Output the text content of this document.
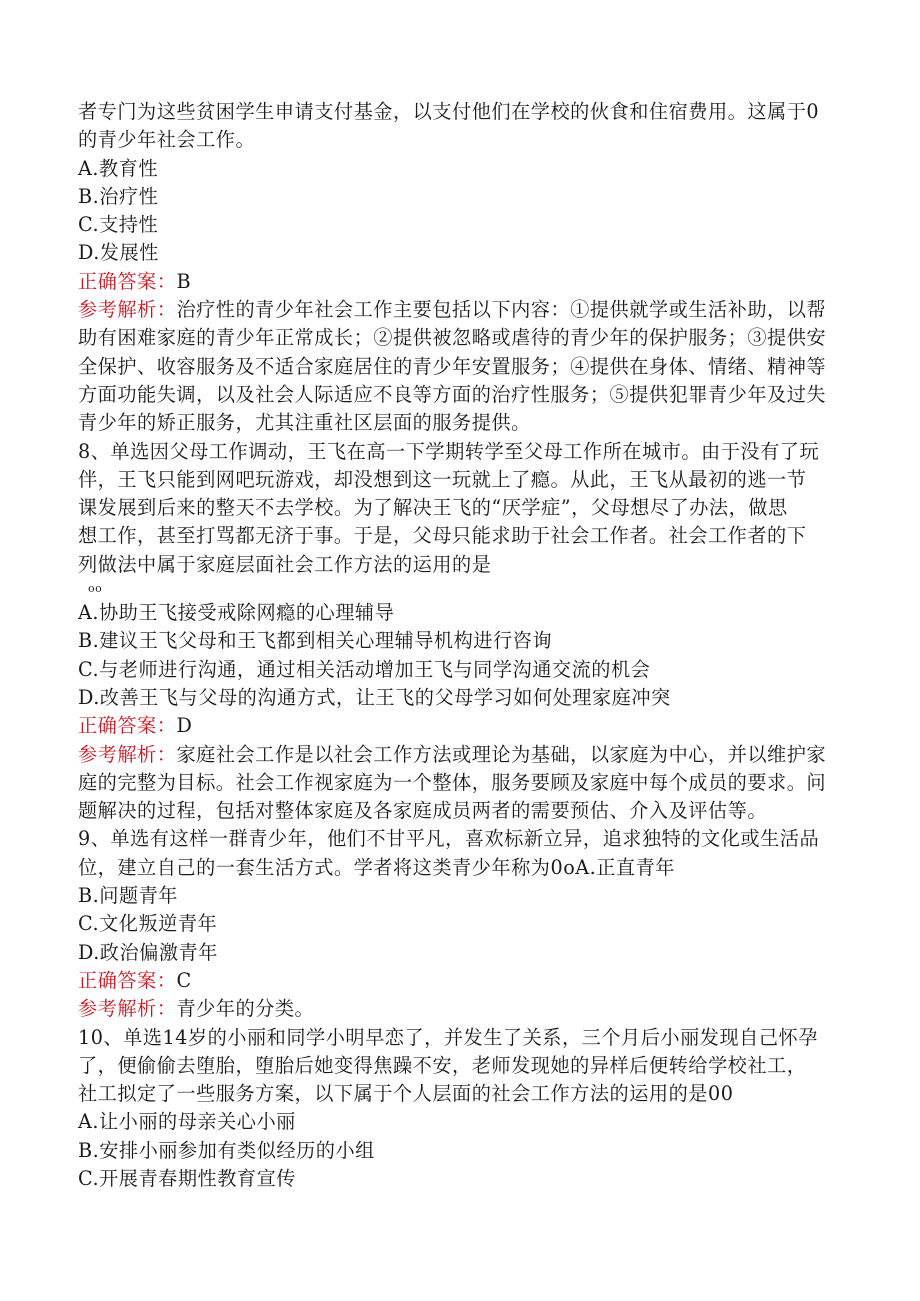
者专门为这些贫困学生申请支付基金，以支付他们在学校的伙食和住宿费用。这属于0
的青少年社会工作。
A.教育性
B.治疗性
C.支持性
D.发展性
正确答案：B
参考解析：治疗性的青少年社会工作主要包括以下内容：①提供就学或生活补助，以帮
助有困难家庭的青少年正常成长；②提供被忽略或虐待的青少年的保护服务；③提供安
全保护、收容服务及不适合家庭居住的青少年安置服务；④提供在身体、情绪、精神等
方面功能失调，以及社会人际适应不良等方面的治疗性服务；⑤提供犯罪青少年及过失
青少年的矫正服务，尤其注重社区层面的服务提供。
8、单选因父母工作调动，王飞在高一下学期转学至父母工作所在城市。由于没有了玩
伴，王飞只能到网吧玩游戏，却没想到这一玩就上了瘾。从此，王飞从最初的逃一节
课发展到后来的整天不去学校。为了解决王飞的“厌学症”，父母想尽了办法，做思
想工作，甚至打骂都无济于事。于是，父母只能求助于社会工作者。社会工作者的下
列做法中属于家庭层面社会工作方法的运用的是
oo
A.协助王飞接受戒除网瘾的心理辅导
B.建议王飞父母和王飞都到相关心理辅导机构进行咨询
C.与老师进行沟通，通过相关活动增加王飞与同学沟通交流的机会
D.改善王飞与父母的沟通方式，让王飞的父母学习如何处理家庭冲突
正确答案：D
参考解析：家庭社会工作是以社会工作方法或理论为基础，以家庭为中心，并以维护家
庭的完整为目标。社会工作视家庭为一个整体，服务要顾及家庭中每个成员的要求。问
题解决的过程，包括对整体家庭及各家庭成员两者的需要预估、介入及评估等。
9、单选有这样一群青少年，他们不甘平凡，喜欢标新立异，追求独特的文化或生活品
位，建立自己的一套生活方式。学者将这类青少年称为0oA.正直青年
B.问题青年
C.文化叛逆青年
D.政治偏激青年
正确答案：C
参考解析：青少年的分类。
10、单选14岁的小丽和同学小明早恋了，并发生了关系，三个月后小丽发现自己怀孕
了，便偷偷去堕胎，堕胎后她变得焦躁不安，老师发现她的异样后便转给学校社工，
社工拟定了一些服务方案，以下属于个人层面的社会工作方法的运用的是00
A.让小丽的母亲关心小丽
B.安排小丽参加有类似经历的小组
C.开展青春期性教育宣传
